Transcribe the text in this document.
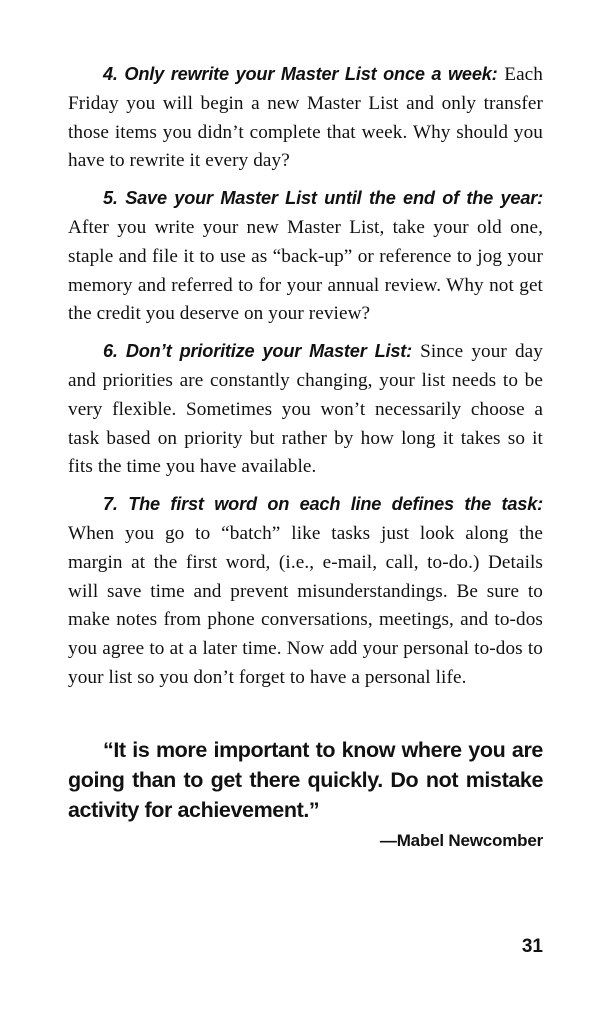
4. Only rewrite your Master List once a week: Each Friday you will begin a new Master List and only transfer those items you didn’t complete that week. Why should you have to rewrite it every day?

5. Save your Master List until the end of the year: After you write your new Master List, take your old one, staple and file it to use as “back-up” or reference to jog your memory and referred to for your annual review. Why not get the credit you deserve on your review?

6. Don’t prioritize your Master List: Since your day and priorities are constantly changing, your list needs to be very flexible. Sometimes you won’t necessarily choose a task based on priority but rather by how long it takes so it fits the time you have available.

7. The first word on each line defines the task: When you go to “batch” like tasks just look along the margin at the first word, (i.e., e-mail, call, to-do.) Details will save time and prevent misunderstandings. Be sure to make notes from phone conversations, meetings, and to-dos you agree to at a later time. Now add your personal to-dos to your list so you don’t forget to have a personal life.

“It is more important to know where you are going than to get there quickly. Do not mistake activity for achievement.”

—Mabel Newcomber
31
